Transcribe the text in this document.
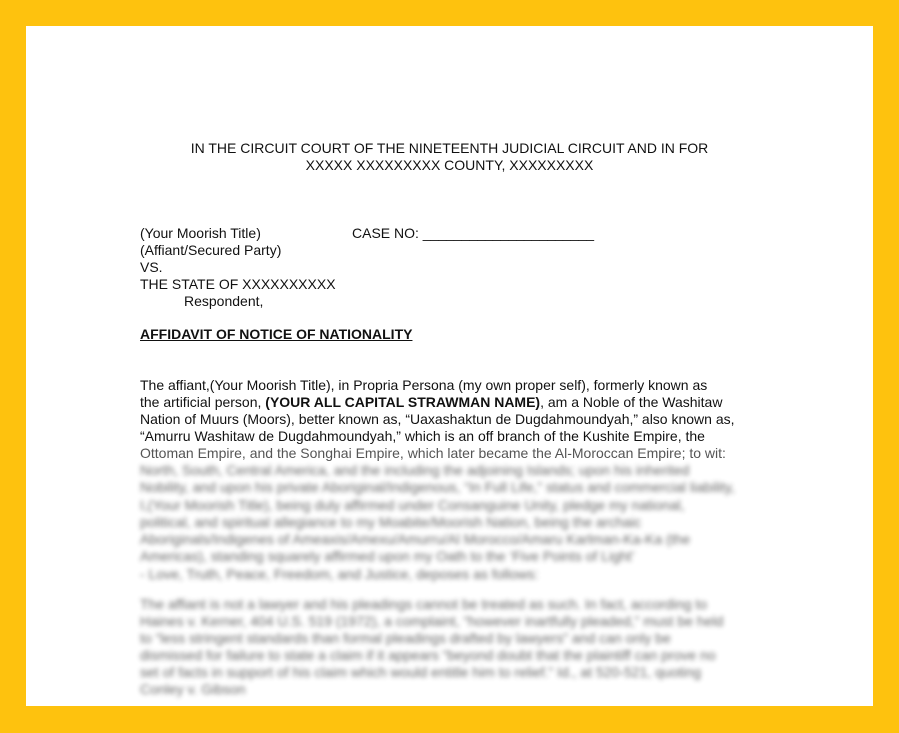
IN THE CIRCUIT COURT OF THE NINETEENTH JUDICIAL CIRCUIT AND IN FOR
XXXXX XXXXXXXXX COUNTY, XXXXXXXXX
(Your Moorish Title)	CASE NO: ______________________
(Affiant/Secured Party)
VS.
THE STATE OF XXXXXXXXXX
Respondent,
AFFIDAVIT OF NOTICE OF NATIONALITY
The affiant,(Your Moorish Title), in Propria Persona (my own proper self), formerly known as
the artificial person, (YOUR ALL CAPITAL STRAWMAN NAME), am a Noble of the Washitaw
Nation of Muurs (Moors), better known as, “Uaxashaktun de Dugdahmoundyah,” also known as,
“Amurru Washitaw de Dugdahmoundyah,” which is an off branch of the Kushite Empire, the
Ottoman Empire, and the Songhai Empire, which later became the Al-Moroccan Empire; to wit:
North, South, Central America, and the including the adjoining Islands; upon his inherited
Nobility, and upon his private Aboriginal/Indigenous, “In Full Life,” status and commercial liability,
I,(Your Moorish Title), being duly affirmed under Consanguine Unity, pledge my national,
political, and spiritual allegiance to my Moabite/Moorish Nation, being the archaic
Aboriginals/Indigenes of Ameaxis/Amexu/Amurru/Al Morocco/Amaru Karlman-Ka-Ka (the
Americas), standing squarely affirmed upon my Oath to the ‘Five Points of Light’
- Love, Truth, Peace, Freedom, and Justice, deposes as follows:
The affiant is not a lawyer and his pleadings cannot be treated as such. In fact, according to
Haines v. Kerner, 404 U.S. 519 (1972), a complaint, “however inartfully pleaded,” must be held
to “less stringent standards than formal pleadings drafted by lawyers” and can only be
dismissed for failure to state a claim if it appears “beyond doubt that the plaintiff can prove no
set of facts in support of his claim which would entitle him to relief.” Id., at 520-521, quoting
Conley v. Gibson
